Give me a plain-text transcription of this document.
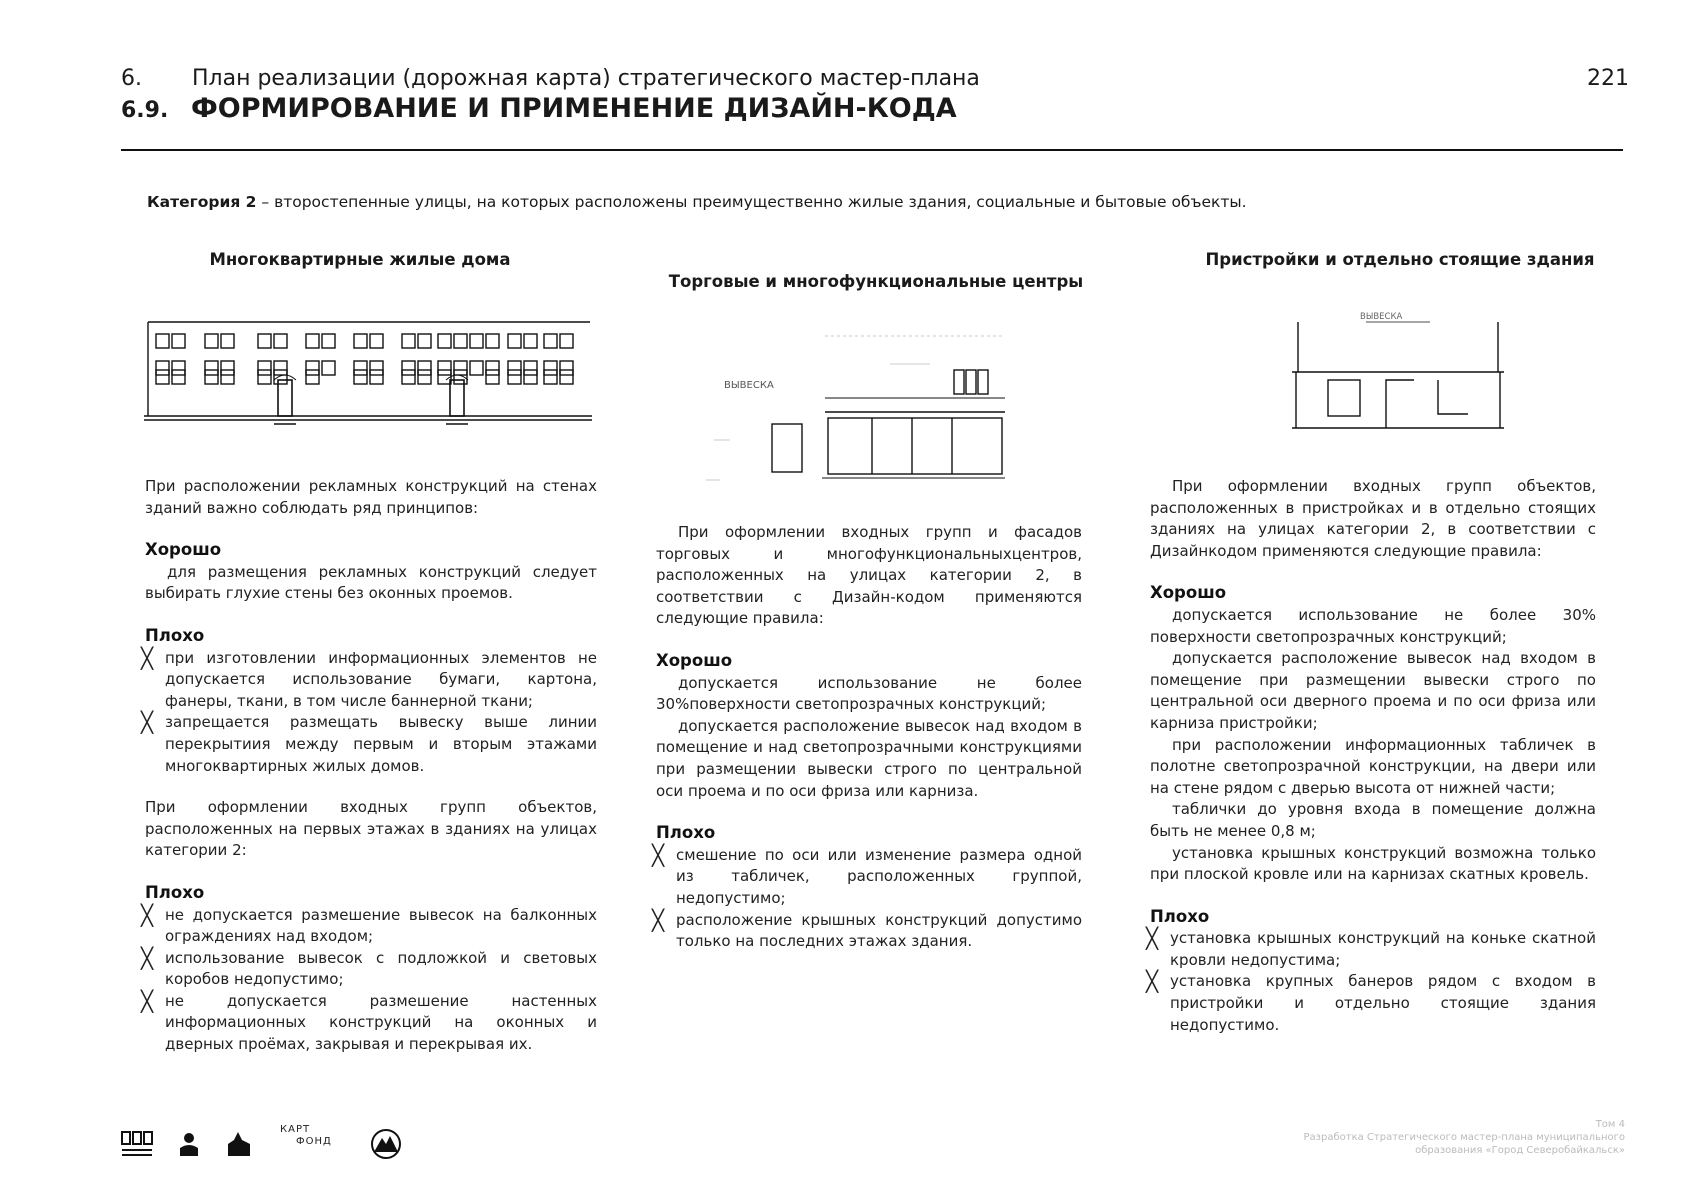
6. План реализации (дорожная карта) стратегического мастер-плана
6.9. ФОРМИРОВАНИЕ И ПРИМЕНЕНИЕ ДИЗАЙН-КОДА
221
Категория 2 – второстепенные улицы, на которых расположены преимущественно жилые здания, социальные и бытовые объекты.
Многоквартирные жилые дома
Торговые и многофункциональные центры
Пристройки и отдельно стоящие здания
ВЫВЕСКА
ВЫВЕСКА

При расположении рекламных конструкций на стенах зданий важно соблюдать ряд принципов:

Хорошо

для размещения рекламных конструкций следует выбирать глухие стены без оконных проемов.

Плохо

╳ при изготовлении информационных элементов не допускается использование бумаги, картона, фанеры, ткани, в том числе баннерной ткани;

╳ запрещается размещать вывеску выше линии перекрытиия между первым и вторым этажами многоквартирных жилых домов.

При оформлении входных групп объектов, расположенных на первых этажах в зданиях на улицах категории 2:

Плохо

╳ не допускается размешение вывесок на балконных ограждениях над входом;

╳ использование вывесок с подложкой и световых коробов недопустимо;

╳ не допускается размешение настенных информационных конструкций на оконных и дверных проёмах, закрывая и перекрывая их.

При оформлении входных групп и фасадов торговых и многофункциональныхцентров, расположенных на улицах категории 2, в соответствии с Дизайн-кодом применяются следующие правила:

Хорошо

допускается использование не более 30%поверхности светопрозрачных конструкций;

допускается расположение вывесок над входом в помещение и над светопрозрачными конструкциями при размещении вывески строго по центральной оси проема и по оси фриза или карниза.

Плохо

╳ смешение по оси или изменение размера одной из табличек, расположенных группой, недопустимо;

╳ расположение крышных конструкций допустимо только на последних этажах здания.

При оформлении входных групп объектов, расположенных в пристройках и в отдельно стоящих зданиях на улицах категории 2, в соответствии с Дизайнкодом применяются следующие правила:

Хорошо

допускается использование не более 30% поверхности светопрозрачных конструкций;

допускается расположение вывесок над входом в помещение при размещении вывески строго по центральной оси дверного проема и по оси фриза или карниза пристройки;

при расположении информационных табличек в полотне светопрозрачной конструкции, на двери или на стене рядом с дверью высота от нижней части;

таблички до уровня входа в помещение должна быть не менее 0,8 м;

установка крышных конструкций возможна только при плоской кровле или на карнизах скатных кровель.

Плохо

╳ установка крышных конструкций на коньке скатной кровли недопустима;

╳ установка крупных банеров рядом с входом в пристройки и отдельно стоящие здания недопустимо.

КАРТ
ФОНД
Том 4
Разработка Стратегического мастер-плана муниципального
образования «Город Северобайкальск»
